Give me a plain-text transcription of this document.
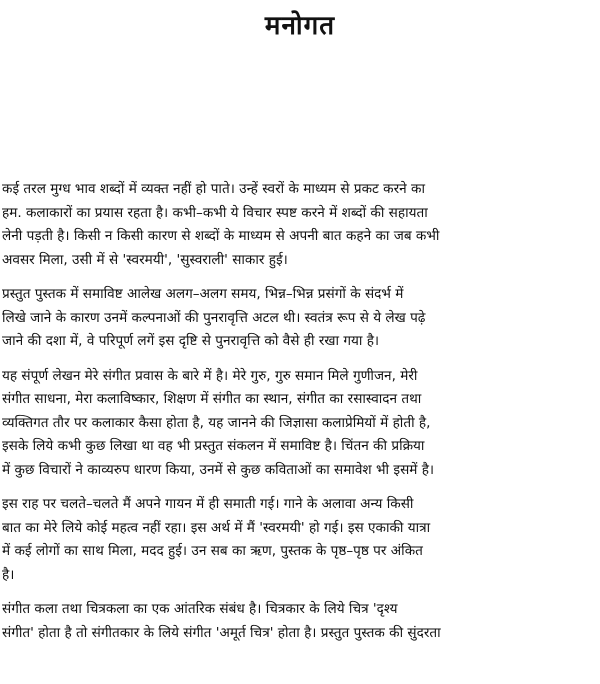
मनोगत

कई तरल मुग्ध भाव शब्दों में व्यक्त नहीं हो पाते। उन्हें स्वरों के माध्यम से प्रकट करने का
हम. कलाकारों का प्रयास रहता है। कभी–कभी ये विचार स्पष्ट करने में शब्दों की सहायता
लेनी पड़ती है। किसी न किसी कारण से शब्दों के माध्यम से अपनी बात कहने का जब कभी
अवसर मिला, उसी में से 'स्वरमयी', 'सुस्वराली' साकार हुई।

प्रस्तुत पुस्तक में समाविष्ट आलेख अलग–अलग समय, भिन्न–भिन्न प्रसंगों के संदर्भ में
लिखे जाने के कारण उनमें कल्पनाओं की पुनरावृत्ति अटल थी। स्वतंत्र रूप से ये लेख पढ़े
जाने की दशा में, वे परिपूर्ण लगें इस दृष्टि से पुनरावृत्ति को वैसे ही रखा गया है।

यह संपूर्ण लेखन मेरे संगीत प्रवास के बारे में है। मेरे गुरु, गुरु समान मिले गुणीजन, मेरी
संगीत साधना, मेरा कलाविष्कार, शिक्षण में संगीत का स्थान, संगीत का रसास्वादन तथा
व्यक्तिगत तौर पर कलाकार कैसा होता है, यह जानने की जिज्ञासा कलाप्रेमियों में होती है,
इसके लिये कभी कुछ लिखा था वह भी प्रस्तुत संकलन में समाविष्ट है। चिंतन की प्रक्रिया
में कुछ विचारों ने काव्यरुप धारण किया, उनमें से कुछ कविताओं का समावेश भी इसमें है।

इस राह पर चलते–चलते मैं अपने गायन में ही समाती गई। गाने के अलावा अन्य किसी
बात का मेरे लिये कोई महत्व नहीं रहा। इस अर्थ में मैं 'स्वरमयी' हो गई। इस एकाकी यात्रा
में कई लोगों का साथ मिला, मदद हुई। उन सब का ऋण, पुस्तक के पृष्ठ–पृष्ठ पर अंकित
है।

संगीत कला तथा चित्रकला का एक आंतरिक संबंध है। चित्रकार के लिये चित्र 'दृश्य
संगीत' होता है तो संगीतकार के लिये संगीत 'अमूर्त चित्र' होता है। प्रस्तुत पुस्तक की सुंदरता
